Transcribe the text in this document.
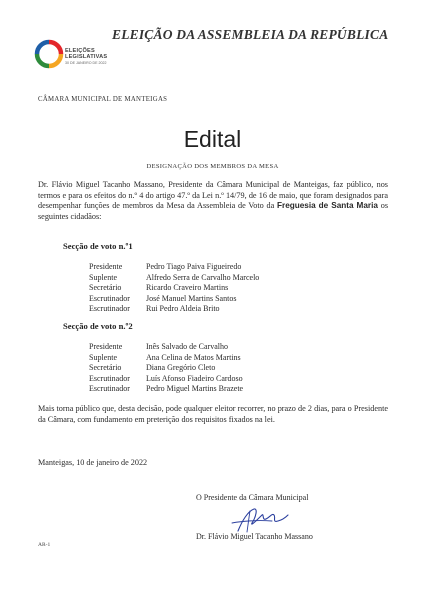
ELEIÇÃO DA ASSEMBLEIA DA REPÚBLICA
ELEIÇÕES
LEGISLATIVAS
30 DE JANEIRO DE 2022
CÂMARA MUNICIPAL DE MANTEIGAS
Edital
DESIGNAÇÃO DOS MEMBROS DA MESA
Dr. Flávio Miguel Tacanho Massano, Presidente da Câmara Municipal de Manteigas, faz público, nos termos e para os efeitos do n.º 4 do artigo 47.º da Lei n.º 14/79, de 16 de maio, que foram designados para desempenhar funções de membros da Mesa da Assembleia de Voto da Freguesia de Santa Maria os seguintes cidadãos:
Secção de voto n.º1
Presidente	Pedro Tiago Paiva Figueiredo
Suplente	Alfredo Serra de Carvalho Marcelo
Secretário	Ricardo Craveiro Martins
Escrutinador José Manuel Martins Santos
Escrutinador Rui Pedro Aldeia Brito
Secção de voto n.º2
Presidente	Inês Salvado de Carvalho
Suplente	Ana Celina de Matos Martins
Secretário	Diana Gregório Cleto
Escrutinador Luís Afonso Fiadeiro Cardoso
Escrutinador Pedro Miguel Martins Brazete
Mais torna público que, desta decisão, pode qualquer eleitor recorrer, no prazo de 2 dias, para o Presidente da Câmara, com fundamento em preterição dos requisitos fixados na lei.
Manteigas, 10 de janeiro de 2022
O Presidente da Câmara Municipal
Dr. Flávio Miguel Tacanho Massano
AR-1
